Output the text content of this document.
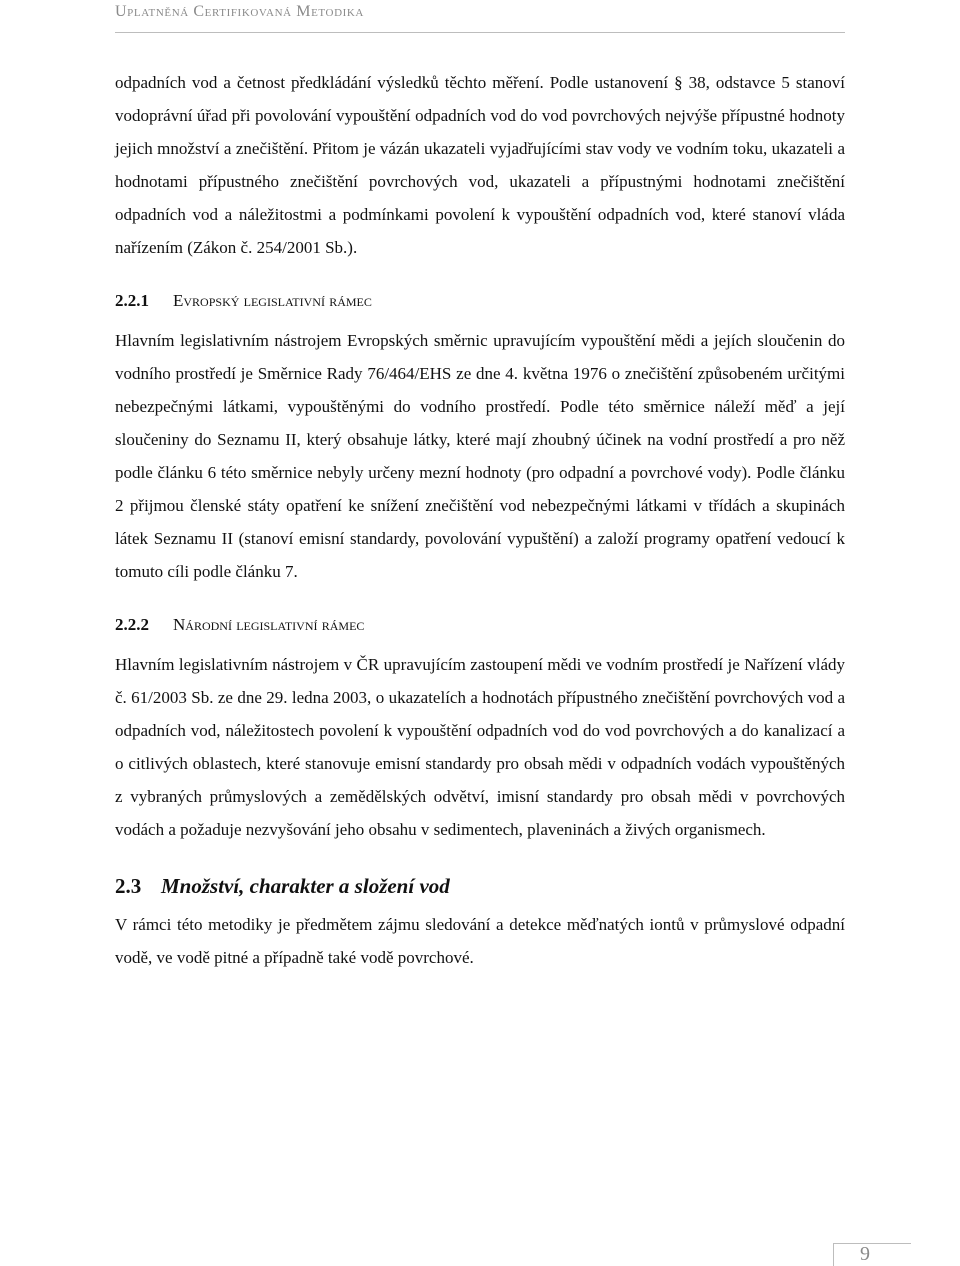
Uplatněná Certifikovaná Metodika

odpadních vod a četnost předkládání výsledků těchto měření. Podle ustanovení § 38, odstavce 5 stanoví vodoprávní úřad při povolování vypouštění odpadních vod do vod povrchových nejvýše přípustné hodnoty jejich množství a znečištění. Přitom je vázán ukazateli vyjadřujícími stav vody ve vodním toku, ukazateli a hodnotami přípustného znečištění povrchových vod, ukazateli a přípustnými hodnotami znečištění odpadních vod a náležitostmi a podmínkami povolení k vypouštění odpadních vod, které stanoví vláda nařízením (Zákon č. 254/2001 Sb.).

2.2.1 Evropský legislativní rámec

Hlavním legislativním nástrojem Evropských směrnic upravujícím vypouštění mědi a jejích sloučenin do vodního prostředí je Směrnice Rady 76/464/EHS ze dne 4. května 1976 o znečištění způsobeném určitými nebezpečnými látkami, vypouštěnými do vodního prostředí. Podle této směrnice náleží měď a její sloučeniny do Seznamu II, který obsahuje látky, které mají zhoubný účinek na vodní prostředí a pro něž podle článku 6 této směrnice nebyly určeny mezní hodnoty (pro odpadní a povrchové vody). Podle článku 2 přijmou členské státy opatření ke snížení znečištění vod nebezpečnými látkami v třídách a skupinách látek Seznamu II (stanoví emisní standardy, povolování vypuštění) a založí programy opatření vedoucí k tomuto cíli podle článku 7.

2.2.2 Národní legislativní rámec

Hlavním legislativním nástrojem v ČR upravujícím zastoupení mědi ve vodním prostředí je Nařízení vlády č. 61/2003 Sb. ze dne 29. ledna 2003, o ukazatelích a hodnotách přípustného znečištění povrchových vod a odpadních vod, náležitostech povolení k vypouštění odpadních vod do vod povrchových a do kanalizací a o citlivých oblastech, které stanovuje emisní standardy pro obsah mědi v odpadních vodách vypouštěných z vybraných průmyslových a zemědělských odvětví, imisní standardy pro obsah mědi v povrchových vodách a požaduje nezvyšování jeho obsahu v sedimentech, plaveninách a živých organismech.

2.3 Množství, charakter a složení vod

V rámci této metodiky je předmětem zájmu sledování a detekce měďnatých iontů v průmyslové odpadní vodě, ve vodě pitné a případně také vodě povrchové.

9
